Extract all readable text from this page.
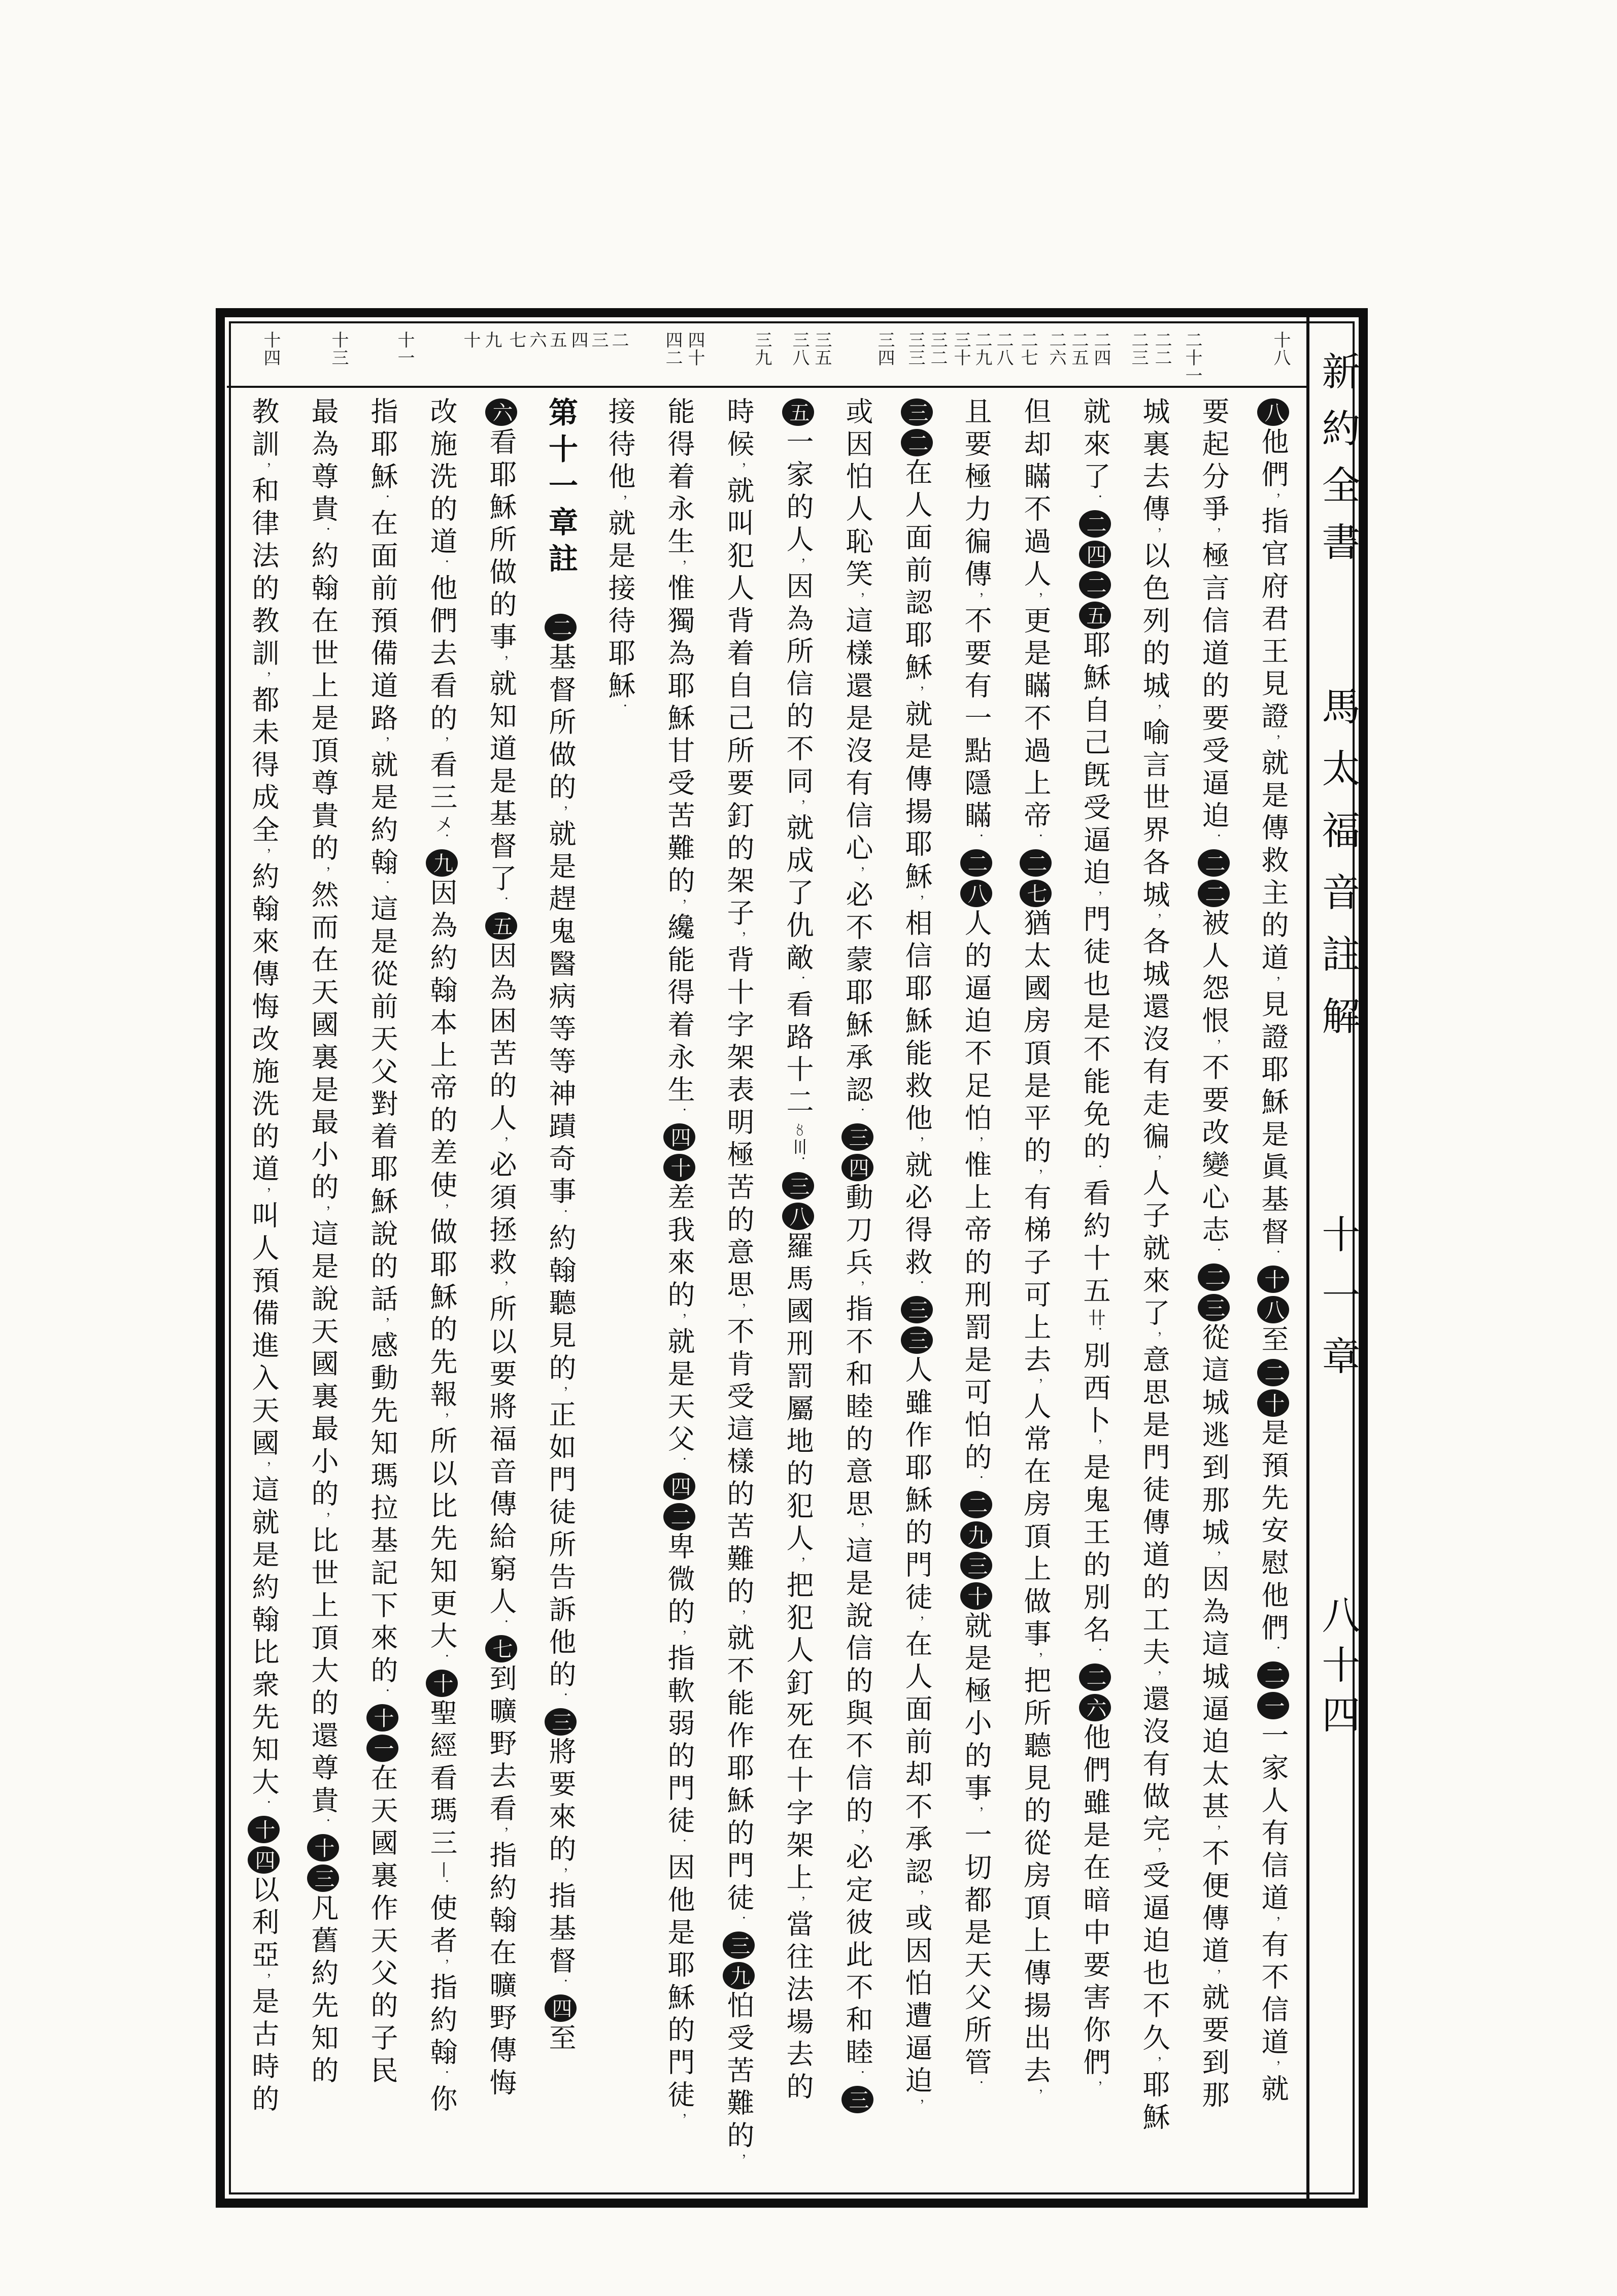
十八
二十一
二二
二三
二四
二五
二六
二七
二八
二九
三十
三二
三三
三四
三五
三八
三九
四十
四二
二
三
四
五
六
七
九
十
十一
十三
十四
八他們，指官府君王見證，就是傳救主的道，見證耶穌是眞基督．十八至二十是預先安慰他們．二一一家人有信道，有不信道，就
要起分爭，極言信道的要受逼迫．二二被人怨恨，不要改變心志．二三從這城逃到那城，因為這城逼迫太甚，不便傳道，就要到那
城裏去傳，以色列的城，喻言世界各城，各城還沒有走徧，人子就來了，意思是門徒傳道的工夫，還沒有做完，受逼迫也不久，耶穌
就來了．二四二五耶穌自己旣受逼迫，門徒也是不能免的．看約十五卄．別西卜，是鬼王的別名．二六他們雖是在暗中要害你們，
但却瞞不過人，更是瞞不過上帝．二七猶太國房頂是平的，有梯子可上去，人常在房頂上做事，把所聽見的從房頂上傳揚出去，
且要極力徧傳，不要有一點隱瞞．二八人的逼迫不足怕，惟上帝的刑罰是可怕的．二九三十就是極小的事，一切都是天父所管．
三二在人面前認耶穌，就是傳揚耶穌，相信耶穌能救他，就必得救．三三人雖作耶穌的門徒，在人面前却不承認，或因怕遭逼迫，
或因怕人恥笑，這樣還是沒有信心，必不蒙耶穌承認．三四動刀兵，指不和睦的意思，這是說信的與不信的，必定彼此不和睦．三
五一家的人，因為所信的不同，就成了仇敵．看路十二〥〣．三八羅馬國刑罰屬地的犯人，把犯人釘死在十字架上，當往法場去的
時候，就叫犯人背着自己所要釘的架子，背十字架表明極苦的意思，不肯受這樣的苦難的，就不能作耶穌的門徒．三九怕受苦難的，
能得着永生，惟獨為耶穌甘受苦難的，纔能得着永生．四十差我來的，就是天父．四二卑微的，指軟弱的門徒．因他是耶穌的門徒，
接待他，就是接待耶穌．
第十一章註　二基督所做的，就是趕鬼醫病等等神蹟奇事．約翰聽見的，正如門徒所告訴他的．三將要來的，指基督．四至
六看耶穌所做的事，就知道是基督了．五因為困苦的人，必須拯救，所以要將福音傳給窮人．七到曠野去看，指約翰在曠野傳悔
改施洗的道．他們去看的，看三〤．九因為約翰本上帝的差使，做耶穌的先報，所以比先知更大．十聖經看瑪三〡．使者，指約翰．你
指耶穌．在面前預備道路，就是約翰．這是從前天父對着耶穌說的話，感動先知瑪拉基記下來的．十一在天國裏作天父的子民
最為尊貴．約翰在世上是頂尊貴的，然而在天國裏是最小的，這是說天國裏最小的，比世上頂大的還尊貴．十三凡舊約先知的
教訓，和律法的教訓，都未得成全，約翰來傳悔改施洗的道，叫人預備進入天國，這就是約翰比衆先知大．十四以利亞，是古時的
新約全書
馬太福音註解
十一章
八十四
